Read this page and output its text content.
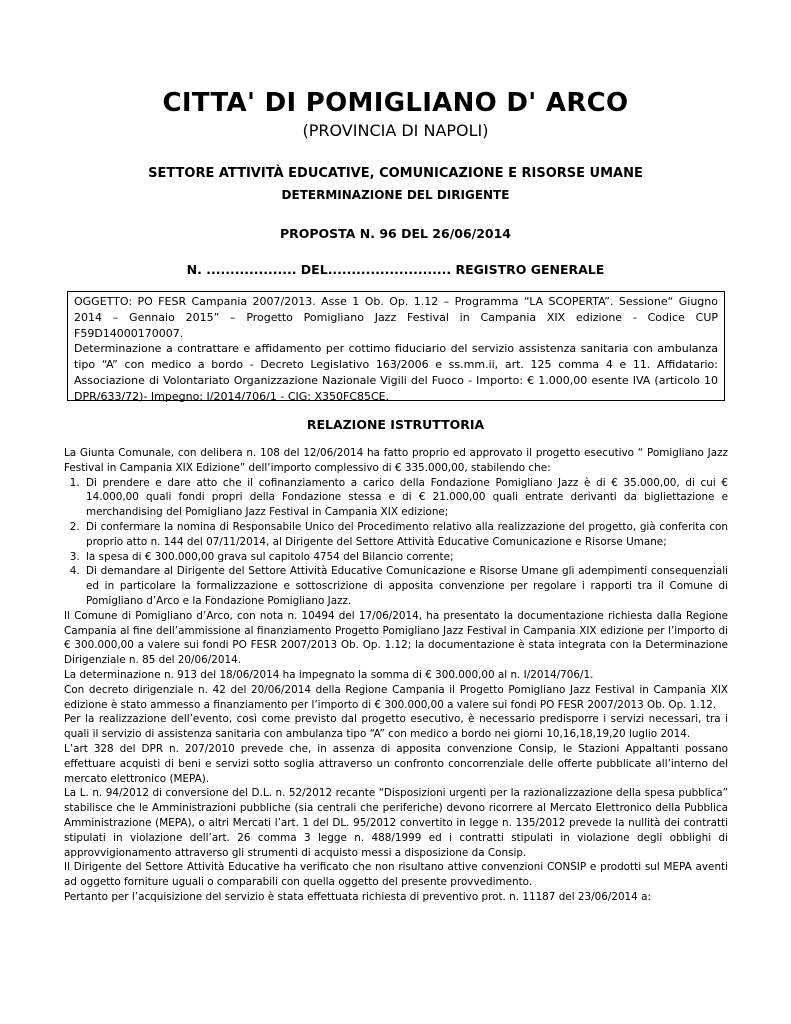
CITTA' DI POMIGLIANO D' ARCO
(PROVINCIA DI NAPOLI)
SETTORE ATTIVITÀ EDUCATIVE, COMUNICAZIONE E RISORSE UMANE
DETERMINAZIONE DEL DIRIGENTE
PROPOSTA N. 96 DEL 26/06/2014
N. ................... DEL.......................... REGISTRO GENERALE

OGGETTO: PO FESR Campania 2007/2013. Asse 1 Ob. Op. 1.12 – Programma “LA SCOPERTA”. Sessione“ Giugno 2014 – Gennaio 2015” – Progetto Pomigliano Jazz Festival in Campania XIX edizione - Codice CUP F59D14000170007.

Determinazione a contrattare e affidamento per cottimo fiduciario del servizio assistenza sanitaria con ambulanza tipo “A” con medico a bordo - Decreto Legislativo 163/2006 e ss.mm.ii, art. 125 comma 4 e 11. Affidatario: Associazione di Volontariato Organizzazione Nazionale Vigili del Fuoco - Importo: € 1.000,00 esente IVA (articolo 10 DPR/633/72)- Impegno: I/2014/706/1 - CIG: X350FC85CE.

RELAZIONE ISTRUTTORIA

La Giunta Comunale, con delibera n. 108 del 12/06/2014 ha fatto proprio ed approvato il progetto esecutivo “ Pomigliano Jazz Festival in Campania XIX Edizione” dell’importo complessivo di € 335.000,00, stabilendo che:

1. Di prendere e dare atto che il cofinanziamento a carico della Fondazione Pomigliano Jazz è di € 35.000,00, di cui € 14.000,00 quali fondi propri della Fondazione stessa e di € 21.000,00 quali entrate derivanti da bigliettazione e merchandising del Pomigliano Jazz Festival in Campania XIX edizione;
2. Di confermare la nomina di Responsabile Unico del Procedimento relativo alla realizzazione del progetto, già conferita con proprio atto n. 144 del 07/11/2014, al Dirigente del Settore Attività Educative Comunicazione e Risorse Umane;
3. la spesa di € 300.000,00 grava sul capitolo 4754 del Bilancio corrente;
4. Di demandare al Dirigente del Settore Attività Educative Comunicazione e Risorse Umane gli adempimenti consequenziali ed in particolare la formalizzazione e sottoscrizione di apposita convenzione per regolare i rapporti tra il Comune di Pomigliano d’Arco e la Fondazione Pomigliano Jazz.

Il Comune di Pomigliano d’Arco, con nota n. 10494 del 17/06/2014, ha presentato la documentazione richiesta dalla Regione Campania al fine dell’ammissione al finanziamento Progetto Pomigliano Jazz Festival in Campania XIX edizione per l’importo di € 300.000,00 a valere sui fondi PO FESR 2007/2013 Ob. Op. 1.12; la documentazione è stata integrata con la Determinazione Dirigenziale n. 85 del 20/06/2014.

La determinazione n. 913 del 18/06/2014 ha impegnato la somma di € 300.000,00 al n. I/2014/706/1.

Con decreto dirigenziale n. 42 del 20/06/2014 della Regione Campania il Progetto Pomigliano Jazz Festival in Campania XIX edizione è stato ammesso a finanziamento per l’importo di € 300.000,00 a valere sui fondi PO FESR 2007/2013 Ob. Op. 1.12.

Per la realizzazione dell’evento, così come previsto dal progetto esecutivo, è necessario predisporre i servizi necessari, tra i quali il servizio di assistenza sanitaria con ambulanza tipo “A” con medico a bordo nei giorni 10,16,18,19,20 luglio 2014.

L’art 328 del DPR n. 207/2010 prevede che, in assenza di apposita convenzione Consip, le Stazioni Appaltanti possano effettuare acquisti di beni e servizi sotto soglia attraverso un confronto concorrenziale delle offerte pubblicate all’interno del mercato elettronico (MEPA).

La L. n. 94/2012 di conversione del D.L. n. 52/2012 recante “Disposizioni urgenti per la razionalizzazione della spesa pubblica” stabilisce che le Amministrazioni pubbliche (sia centrali che periferiche) devono ricorrere al Mercato Elettronico della Pubblica Amministrazione (MEPA), o altri Mercati l’art. 1 del DL. 95/2012 convertito in legge n. 135/2012 prevede la nullità dei contratti stipulati in violazione dell’art. 26 comma 3 legge n. 488/1999 ed i contratti stipulati in violazione degli obblighi di approvvigionamento attraverso gli strumenti di acquisto messi a disposizione da Consip.

Il Dirigente del Settore Attività Educative ha verificato che non risultano attive convenzioni CONSIP e prodotti sul MEPA aventi ad oggetto forniture uguali o comparabili con quella oggetto del presente provvedimento.

Pertanto per l’acquisizione del servizio è stata effettuata richiesta di preventivo prot. n. 11187 del 23/06/2014 a:
